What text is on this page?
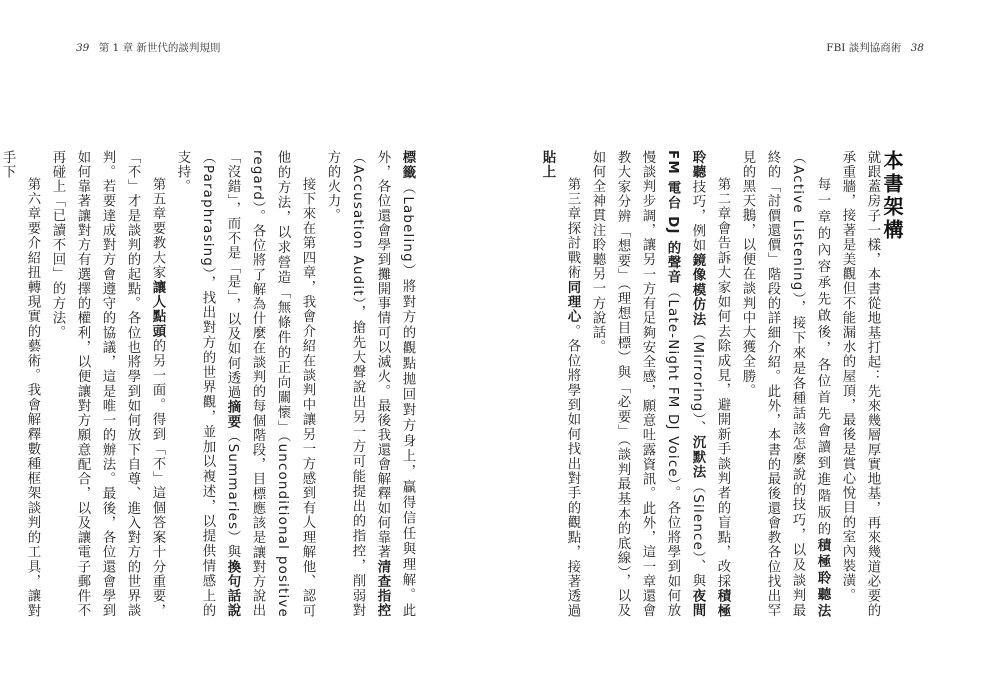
39 第 1 章 新世代的談判規則	FBI 談判協商術 38
本書架構

就跟蓋房子一樣，本書從地基打起：先來幾層厚實地基，再來幾道必要的承重牆，接著是美觀但不能漏水的屋頂，最後是賞心悅目的室內裝潢。

每一章的內容承先啟後，各位首先會讀到進階版的積極聆聽法（Active Listening），接下來是各種話該怎麼說的技巧，以及談判最終的「討價還價」階段的詳細介紹。此外，本書的最後還會教各位找出罕見的黑天鵝，以便在談判中大獲全勝。

第二章會告訴大家如何去除成見，避開新手談判者的盲點，改採積極聆聽技巧，例如鏡像模仿法（Mirroring）、沉默法（Silence）、與夜間 FM 電台 DJ 的聲音（Late-Night FM DJ Voice）。各位將學到如何放慢談判步調，讓另一方有足夠安全感，願意吐露資訊。此外，這一章還會教大家分辨「想要」（理想目標）與「必要」（談判最基本的底線），以及如何全神貫注聆聽另一方說話。

第三章探討戰術同理心。各位將學到如何找出對手的觀點，接著透過貼上

標籤（Labeling）將對方的觀點拋回對方身上，贏得信任與理解。此外，各位還會學到攤開事情可以滅火。最後我還會解釋如何靠著清查指控（Accusation Audit），搶先大聲說出另一方可能提出的指控，削弱對方的火力。

接下來在第四章，我會介紹在談判中讓另一方感到有人理解他、認可他的方法，以求營造「無條件的正向關懷」（unconditional positive regard）。各位將了解為什麼在談判的每個階段，目標應該是讓對方說出「沒錯」，而不是「是」，以及如何透過摘要（Summaries）與換句話說（Paraphrasing），找出對方的世界觀，並加以複述，以提供情感上的支持。

第五章要教大家讓人點頭的另一面。得到「不」這個答案十分重要，「不」才是談判的起點。各位也將學到如何放下自尊、進入對方的世界談判。若要達成對方會遵守的協議，這是唯一的辦法。最後，各位還會學到如何靠著讓對方有選擇的權利，以便讓對方願意配合，以及讓電子郵件不再碰上「已讀不回」的方法。

第六章要介紹扭轉現實的藝術。我會解釋數種框架談判的工具，讓對手下
